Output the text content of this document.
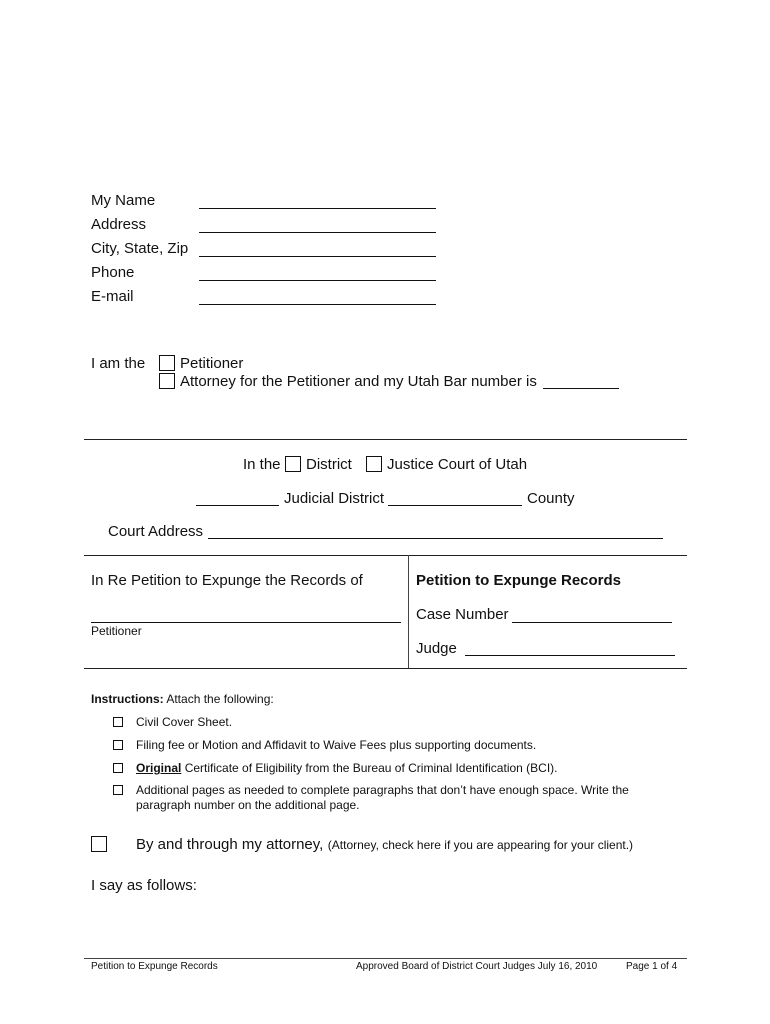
My Name
Address
City, State, Zip
Phone
E-mail
I am the Petitioner
Attorney for the Petitioner and my Utah Bar number is
In the District Justice Court of Utah
Judicial District	County
Court Address
In Re Petition to Expunge the Records of
Petitioner
Petition to Expunge Records
Case Number
Judge
Instructions: Attach the following:
Civil Cover Sheet.
Filing fee or Motion and Affidavit to Waive Fees plus supporting documents.
Original Certificate of Eligibility from the Bureau of Criminal Identification (BCI).
Additional pages as needed to complete paragraphs that don’t have enough space. Write the
paragraph number on the additional page.
By and through my attorney, (Attorney, check here if you are appearing for your client.)
I say as follows:
Petition to Expunge Records	Approved Board of District Court Judges July 16, 2010	Page 1 of 4
